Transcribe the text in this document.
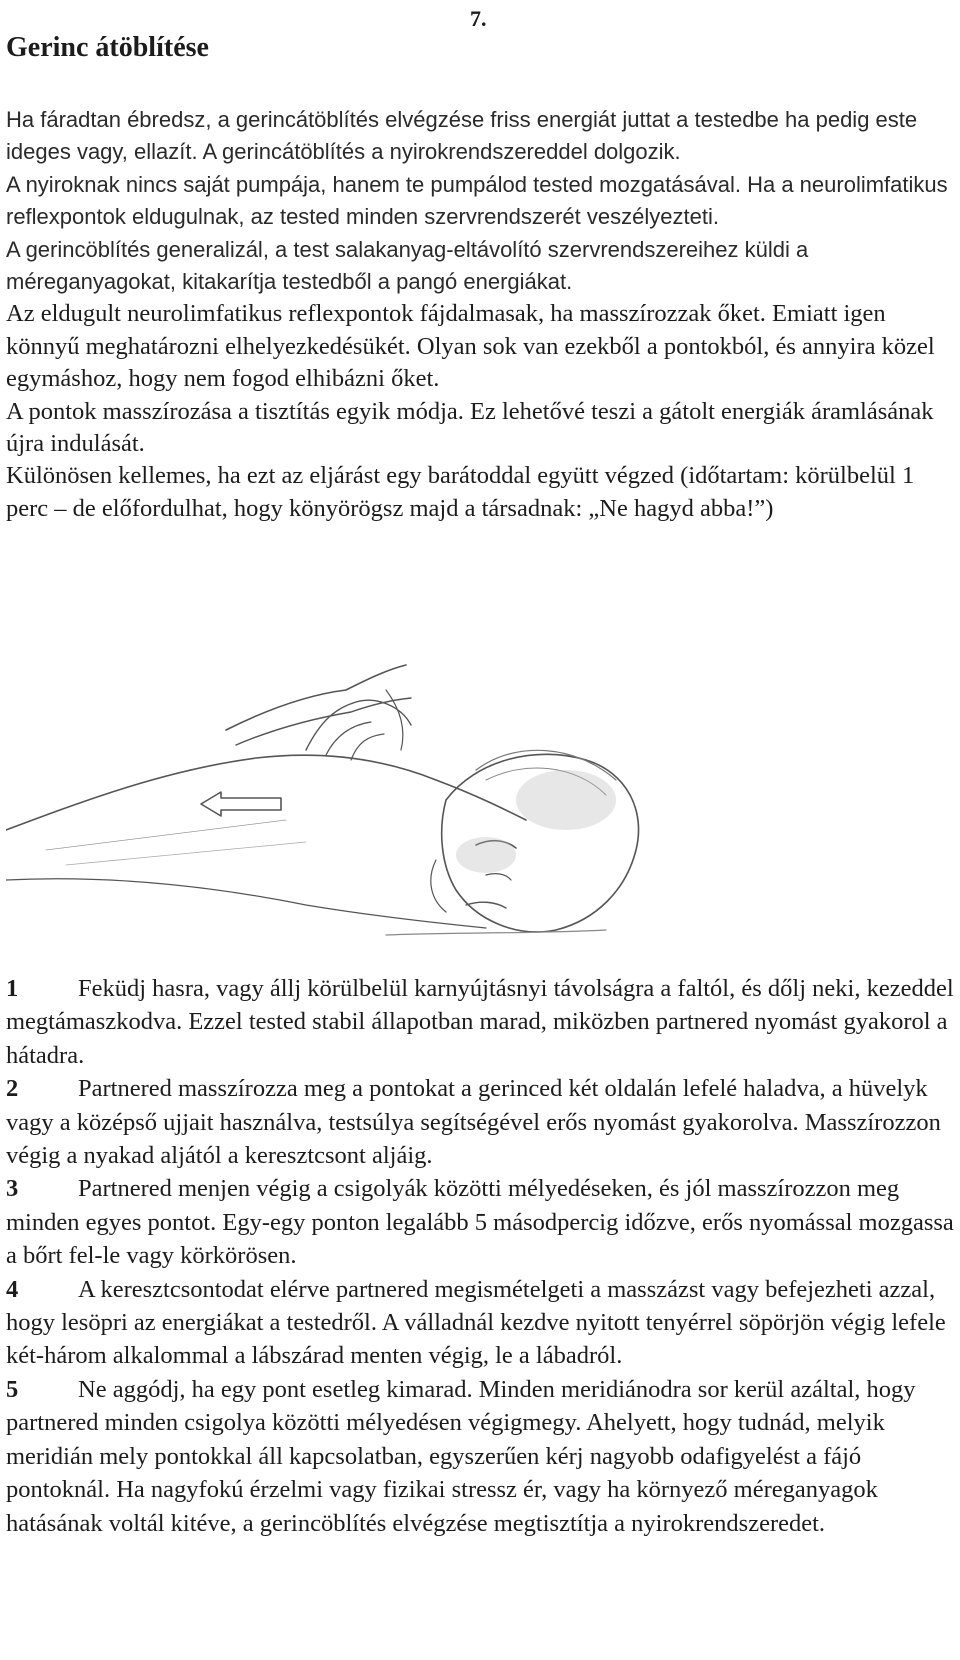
7.
Gerinc átöblítése

Ha fáradtan ébredsz, a gerincátöblítés elvégzése friss energiát juttat a testedbe ha pedig este ideges vagy, ellazít. A gerincátöblítés a nyirokrendszereddel dolgozik.

A nyiroknak nincs saját pumpája, hanem te pumpálod tested mozgatásával. Ha a neurolimfatikus reflexpontok eldugulnak, az tested minden szervrendszerét veszélyezteti.

A gerincöblítés generalizál, a test salakanyag-eltávolító szervrendszereihez küldi a méreganyagokat, kitakarítja testedből a pangó energiákat.

Az eldugult neurolimfatikus reflexpontok fájdalmasak, ha masszírozzak őket. Emiatt igen könnyű meghatározni elhelyezkedésükét. Olyan sok van ezekből a pontokból, és annyira közel egymáshoz, hogy nem fogod elhibázni őket.

A pontok masszírozása a tisztítás egyik módja. Ez lehetővé teszi a gátolt energiák áramlásának újra indulását.

Különösen kellemes, ha ezt az eljárást egy barátoddal együtt végzed (időtartam: körülbelül 1 perc – de előfordulhat, hogy könyörögsz majd a társadnak: „Ne hagyd abba!”)

1 Feküdj hasra, vagy állj körülbelül karnyújtásnyi távolságra a faltól, és dőlj neki, kezeddel megtámaszkodva. Ezzel tested stabil állapotban marad, miközben partnered nyomást gyakorol a hátadra.

2 Partnered masszírozza meg a pontokat a gerinced két oldalán lefelé haladva, a hüvelyk vagy a középső ujjait használva, testsúlya segítségével erős nyomást gyakorolva. Masszírozzon végig a nyakad aljától a keresztcsont aljáig.

3 Partnered menjen végig a csigolyák közötti mélyedéseken, és jól masszírozzon meg minden egyes pontot. Egy-egy ponton legalább 5 másodpercig időzve, erős nyomással mozgassa a bőrt fel-le vagy körkörösen.

4 A keresztcsontodat elérve partnered megismételgeti a masszázst vagy befejezheti azzal, hogy lesöpri az energiákat a testedről. A válladnál kezdve nyitott tenyérrel söpörjön végig lefele két-három alkalommal a lábszárad menten végig, le a lábadról.

5 Ne aggódj, ha egy pont esetleg kimarad. Minden meridiánodra sor kerül azáltal, hogy partnered minden csigolya közötti mélyedésen végigmegy. Ahelyett, hogy tudnád, melyik meridián mely pontokkal áll kapcsolatban, egyszerűen kérj nagyobb odafigyelést a fájó pontoknál. Ha nagyfokú érzelmi vagy fizikai stressz ér, vagy ha környező méreganyagok hatásának voltál kitéve, a gerincöblítés elvégzése megtisztítja a nyirokrendszeredet.
